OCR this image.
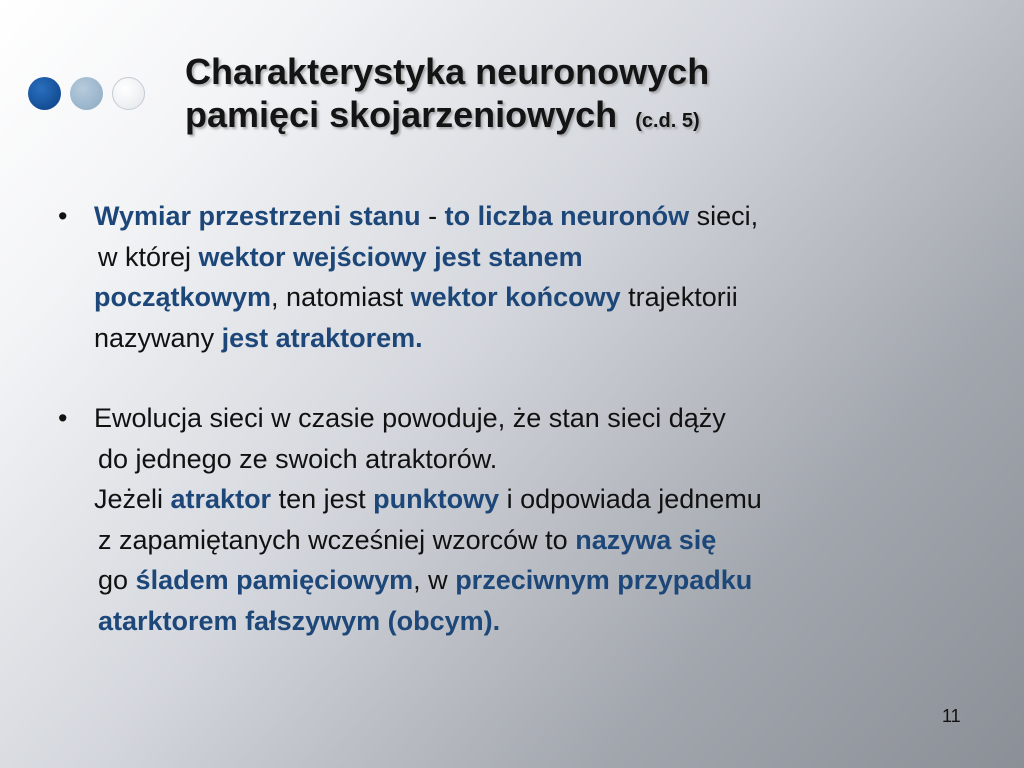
Charakterystyka neuronowych
pamięci skojarzeniowych (c.d. 5)
• Wymiar przestrzeni stanu - to liczba neuronów sieci,
w której wektor wejściowy jest stanem
początkowym, natomiast wektor końcowy trajektorii
nazywany jest atraktorem.
• Ewolucja sieci w czasie powoduje, że stan sieci dąży
do jednego ze swoich atraktorów.
Jeżeli atraktor ten jest punktowy i odpowiada jednemu
z zapamiętanych wcześniej wzorców to nazywa się
go śladem pamięciowym, w przeciwnym przypadku
atarktorem fałszywym (obcym).
11
